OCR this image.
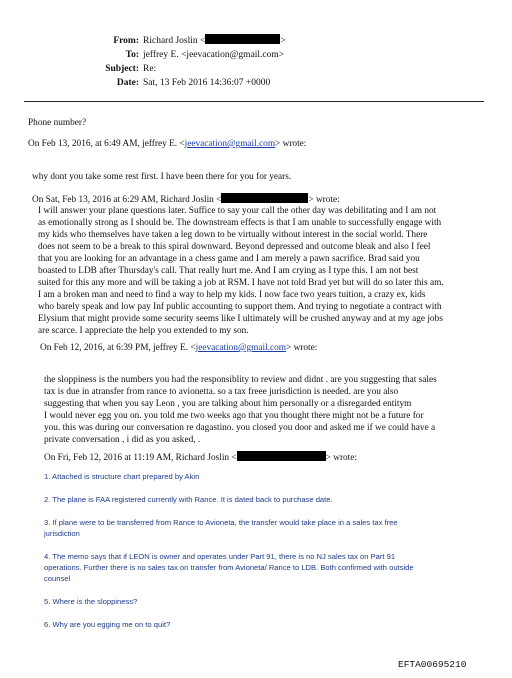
From: Richard Joslin <	>
To: jeffrey E. <jeevacation@gmail.com>
Subject: Re:
Date: Sat, 13 Feb 2016 14:36:07 +0000
Phone number?
On Feb 13, 2016, at 6:49 AM, jeffrey E. <jeevacation@gmail.com> wrote:
why dont you take some rest first. I have been there for you for years.
On Sat, Feb 13, 2016 at 6:29 AM, Richard Joslin <	> wrote:
I will answer your plane questions later. Suffice to say your call the other day was debilitating and I am not
as emotionally strong as I should be. The downstream effects is that I am unable to successfully engage with
my kids who themselves have taken a leg down to be virtually without interest in the social world. There
does not seem to be a break to this spiral downward. Beyond depressed and outcome bleak and also I feel
that you are looking for an advantage in a chess game and I am merely a pawn sacrifice. Brad said you
boasted to LDB after Thursday's call. That really hurt me. And I am crying as I type this. I am not best
suited for this any more and will be taking a job at RSM. I have not told Brad yet but will do so later this am.
I am a broken man and need to find a way to help my kids. I now face two years tuition, a crazy ex, kids
who barely speak and low pay Inf public accounting to support them. And trying to negotiate a contract with
Elysium that might provide some security seems like I ultimately will be crushed anyway and at my age jobs
are scarce. I appreciate the help you extended to my son.
On Feb 12, 2016, at 6:39 PM, jeffrey E. <jeevacation@gmail.com> wrote:
the sloppiness is the numbers you had the responsiblity to review and didnt . are you suggesting that sales
tax is due in atransfer from rance to avionetta. so a tax freee jurisdiction is needed. are you also
suggesting that when you say Leon , you are talking about him personally or a disregarded entitym
I would never egg you on. you told me two weeks ago that you thought there might not be a future for
you. this was during our conversation re dagastino. you closed you door and asked me if we could have a
private conversation , i did as you asked, .
On Fri, Feb 12, 2016 at 11:19 AM, Richard Joslin <	> wrote:
1. Attached is structure chart prepared by Akin
2. The plane is FAA registered currently with Rance. It is dated back to purchase date.
3. If plane were to be transferred from Rance to Avioneta, the transfer would take place in a sales tax free
jurisdiction
4. The memo says that if LEON is owner and operates under Part 91, there is no NJ sales tax on Part 91
operations. Further there is no sales tax on transfer from Avioneta/ Rance to LDB. Both confirmed with outside
counsel
5. Where is the sloppiness?
6. Why are you egging me on to quit?
EFTA00695210
